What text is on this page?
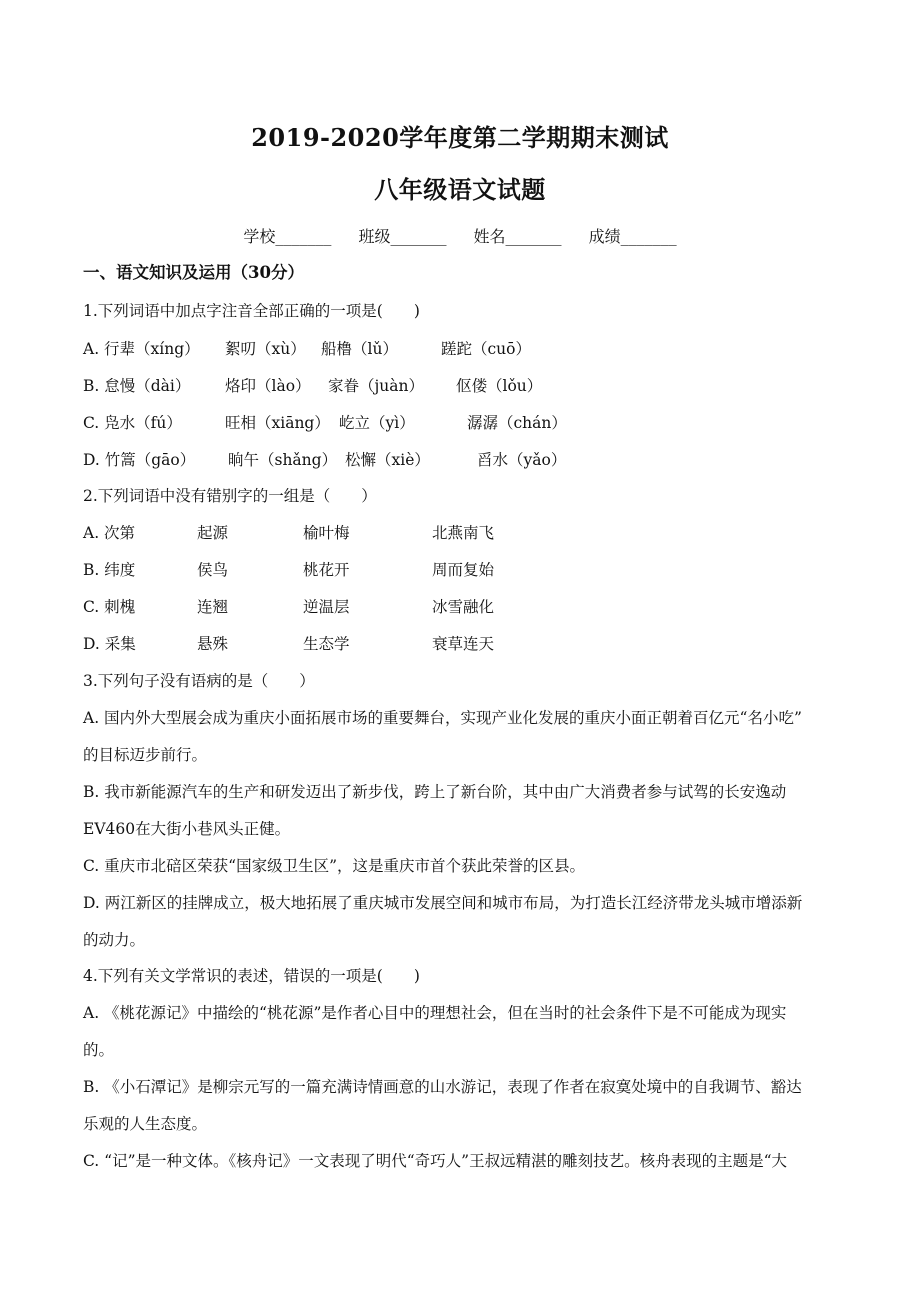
2019-2020学年度第二学期期末测试
八年级语文试题
学校_______ 班级_______ 姓名_______ 成绩_______
一、语文知识及运用（30分）
1.下列词语中加点字注音全部正确的一项是(　　)
A. 行辈（xíng） 絮叨（xù） 船橹（lǔ）	蹉跎（cuō）
B. 怠慢（dài） 烙印（lào） 家眷（juàn） 伛偻（lǒu）
C. 凫水（fú）	旺相（xiāng） 屹立（yì）	潺潺（chán）
D. 竹篙（gāo） 晌午（shǎng） 松懈（xiè）	舀水（yǎo）
2.下列词语中没有错别字的一组是（　　）
A. 次第	起源	榆叶梅	北燕南飞
B. 纬度	侯鸟	桃花开	周而复始
C. 刺槐	连翘	逆温层	冰雪融化
D. 采集	悬殊	生态学	衰草连天
3.下列句子没有语病的是（　　）
A. 国内外大型展会成为重庆小面拓展市场的重要舞台，实现产业化发展的重庆小面正朝着百亿元“名小吃”
的目标迈步前行。
B. 我市新能源汽车的生产和研发迈出了新步伐，跨上了新台阶，其中由广大消费者参与试驾的长安逸动
EV460在大街小巷风头正健。
C. 重庆市北碚区荣获“国家级卫生区”，这是重庆市首个获此荣誉的区县。
D. 两江新区的挂牌成立，极大地拓展了重庆城市发展空间和城市布局，为打造长江经济带龙头城市增添新
的动力。
4.下列有关文学常识的表述，错误的一项是(　　)
A. 《桃花源记》中描绘的“桃花源”是作者心目中的理想社会，但在当时的社会条件下是不可能成为现实
的。
B. 《小石潭记》是柳宗元写的一篇充满诗情画意的山水游记，表现了作者在寂寞处境中的自我调节、豁达
乐观的人生态度。
C. “记”是一种文体。《核舟记》一文表现了明代“奇巧人”王叔远精湛的雕刻技艺。核舟表现的主题是“大
